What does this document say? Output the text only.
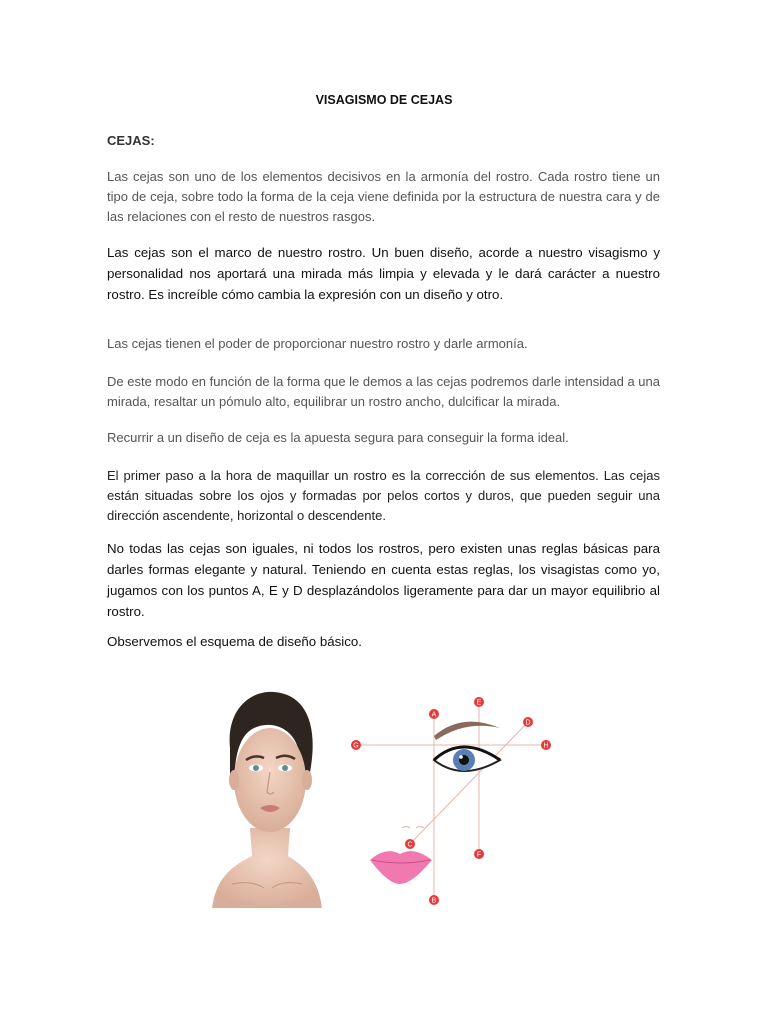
VISAGISMO DE CEJAS
CEJAS:
Las cejas son uno de los elementos decisivos en la armonía del rostro. Cada rostro tiene un tipo de ceja, sobre todo la forma de la ceja viene definida por la estructura de nuestra cara y de las relaciones con el resto de nuestros rasgos.
Las cejas son el marco de nuestro rostro. Un buen diseño, acorde a nuestro visagismo y personalidad nos aportará una mirada más limpia y elevada y le dará carácter a nuestro rostro. Es increíble cómo cambia la expresión con un diseño y otro.
Las cejas tienen el poder de proporcionar nuestro rostro y darle armonía.
De este modo en función de la forma que le demos a las cejas podremos darle intensidad a una mirada, resaltar un pómulo alto, equilibrar un rostro ancho, dulcificar la mirada.
Recurrir a un diseño de ceja es la apuesta segura para conseguir la forma ideal.
El primer paso a la hora de maquillar un rostro es la corrección de sus elementos. Las cejas están situadas sobre los ojos y formadas por pelos cortos y duros, que pueden seguir una dirección ascendente, horizontal o descendente.
No todas las cejas son iguales, ni todos los rostros, pero existen unas reglas básicas para darles formas elegante y natural. Teniendo en cuenta estas reglas, los visagistas como yo, jugamos con los puntos A, E y D desplazándolos ligeramente para dar un mayor equilibrio al rostro.
Observemos el esquema de diseño básico.
A
E
D
G	H
C
F
B
